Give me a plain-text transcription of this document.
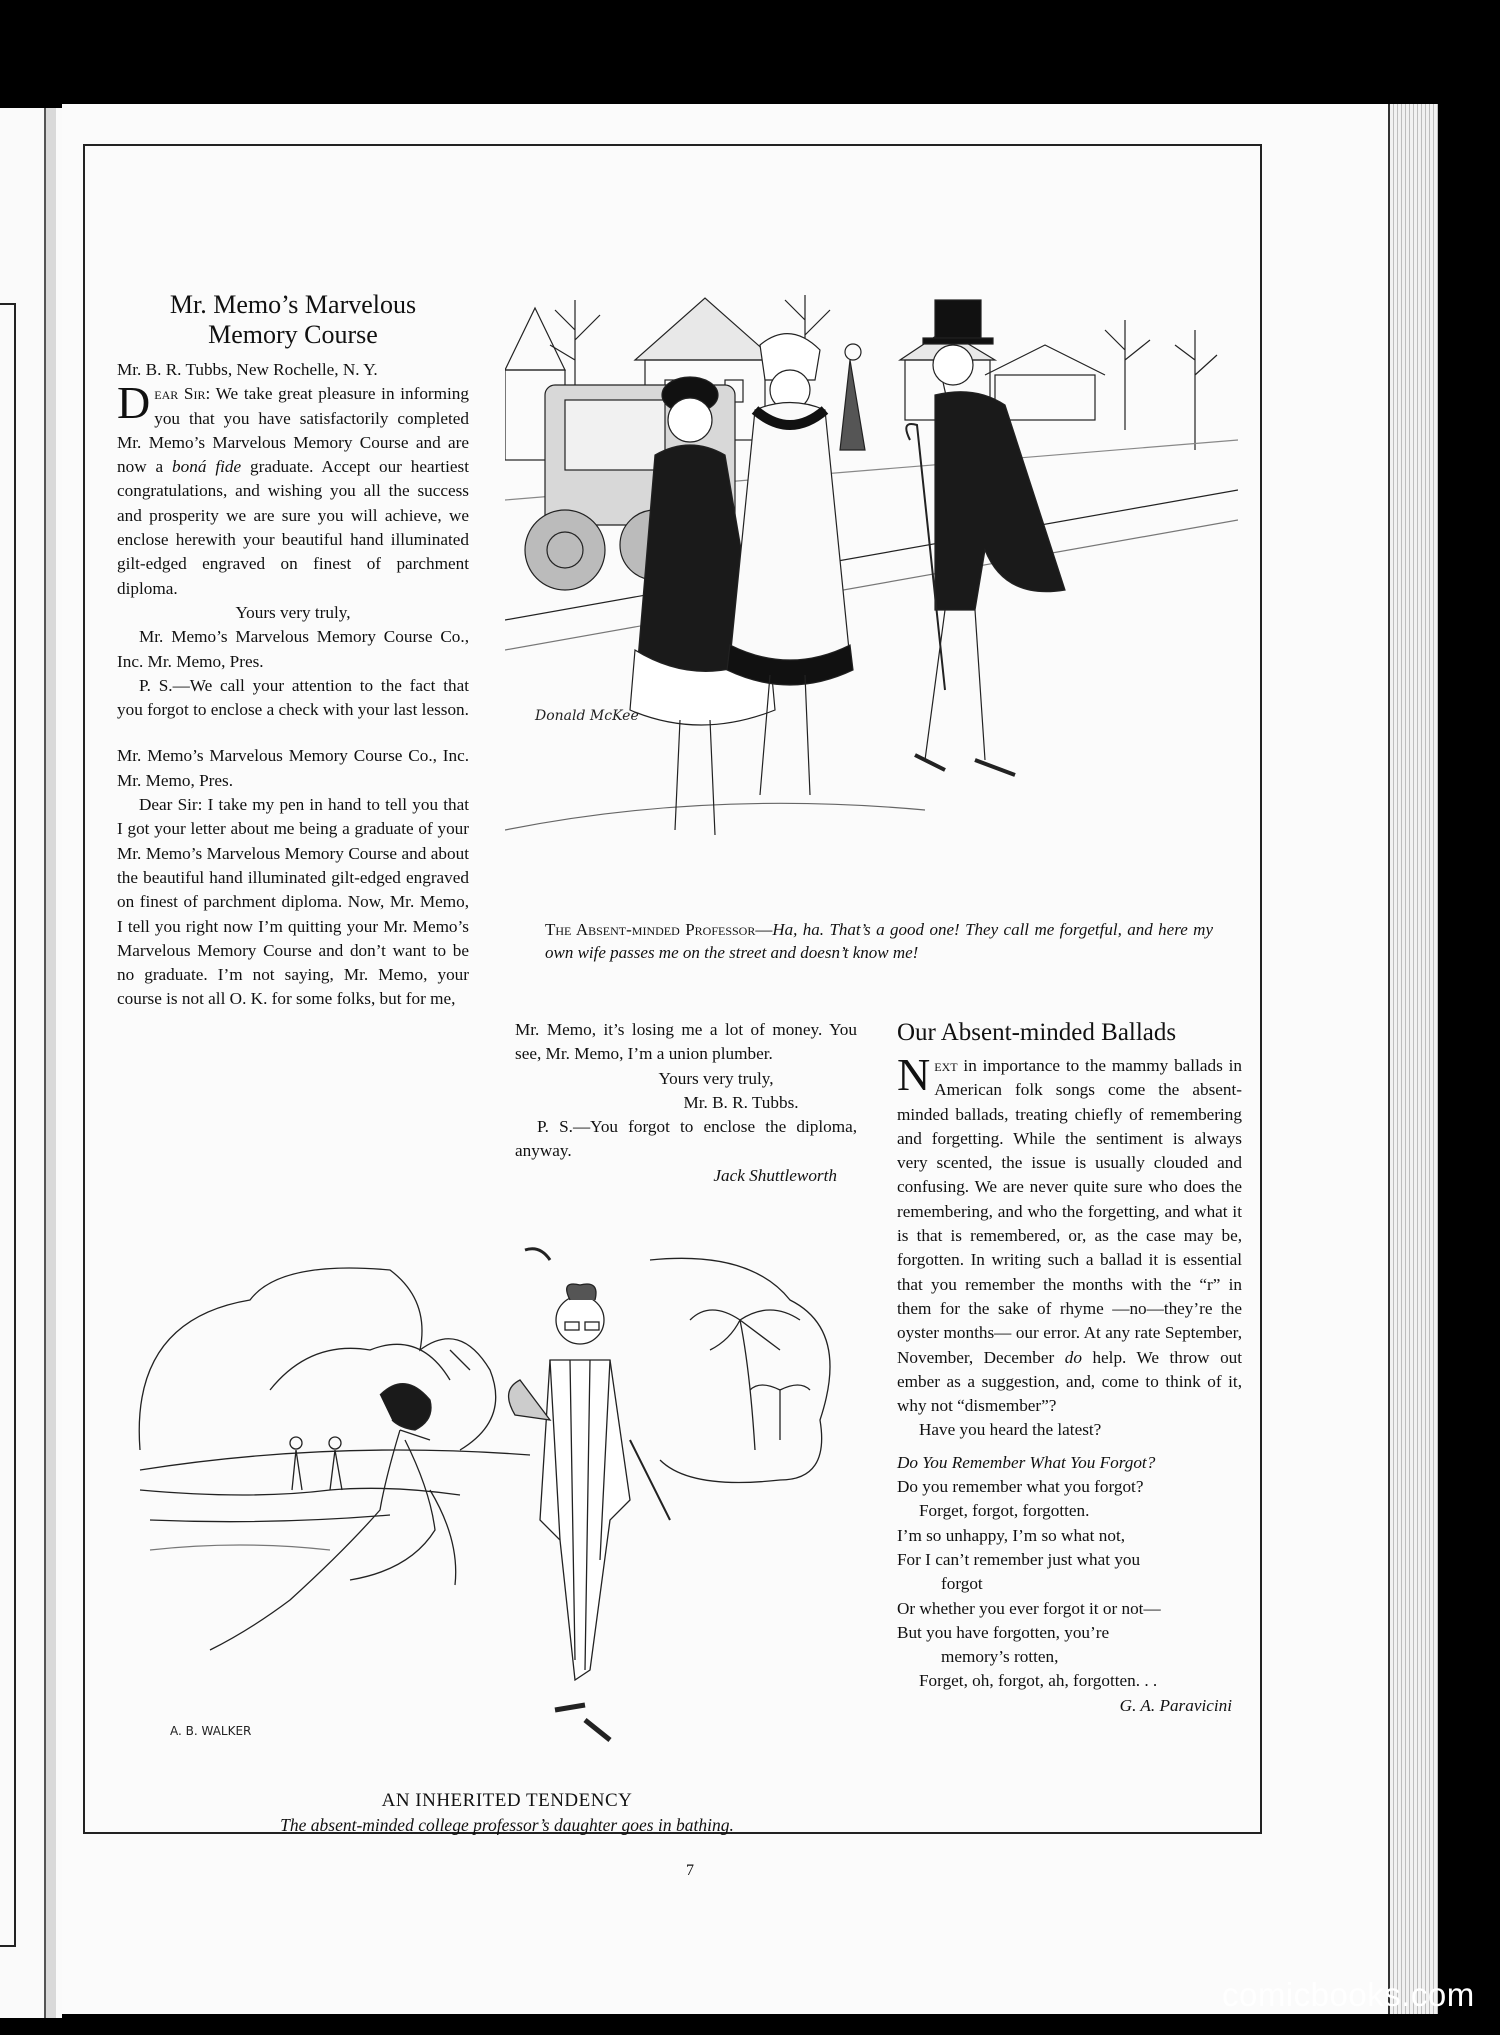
Mr. Memo’s Marvelous
Memory Course

Mr. B. R. Tubbs, New Rochelle, N. Y.

Dear Sir: We take great pleasure in informing you that you have satisfactorily completed Mr. Memo’s Marvelous Memory Course and are now a boná fide graduate. Accept our heartiest congratulations, and wishing you all the success and prosperity we are sure you will achieve, we enclose herewith your beautiful hand illuminated gilt-edged engraved on finest of parchment diploma.

Yours very truly,

Mr. Memo’s Marvelous Memory Course Co., Inc. Mr. Memo, Pres.

P. S.—We call your attention to the fact that you forgot to enclose a check with your last lesson.

Mr. Memo’s Marvelous Memory Course Co., Inc. Mr. Memo, Pres.

Dear Sir: I take my pen in hand to tell you that I got your letter about me being a graduate of your Mr. Memo’s Marvelous Memory Course and about the beautiful hand illuminated gilt-edged engraved on finest of parchment diploma. Now, Mr. Memo, I tell you right now I’m quitting your Mr. Memo’s Marvelous Memory Course and don’t want to be no graduate. I’m not saying, Mr. Memo, your course is not all O. K. for some folks, but for me,

Mr. Memo, it’s losing me a lot of money. You see, Mr. Memo, I’m a union plumber.

Yours very truly,

Mr. B. R. Tubbs.

P. S.—You forgot to enclose the diploma, anyway.

Jack Shuttleworth

Donald McKee
The Absent-minded Professor—Ha, ha. That’s a good one! They call me forgetful, and here my own wife passes me on the street and doesn’t know me!
Our Absent-minded Ballads

Next in importance to the mammy ballads in American folk songs come the absent-minded ballads, treating chiefly of remembering and forgetting. While the sentiment is always very scented, the issue is usually clouded and confusing. We are never quite sure who does the remembering, and who the forgetting, and what it is that is remembered, or, as the case may be, forgotten. In writing such a ballad it is essential that you remember the months with the “r” in them for the sake of rhyme —no—they’re the oyster months— our error. At any rate September, November, December do help. We throw out ember as a suggestion, and, come to think of it, why not “dismember”?

Have you heard the latest?

Do You Remember What You Forgot?

Do you remember what you forgot?

Forget, forgot, forgotten.

I’m so unhappy, I’m so what not,

For I can’t remember just what you

forgot

Or whether you ever forgot it or not—

But you have forgotten, you’re

memory’s rotten,

Forget, oh, forgot, ah, forgotten. . .

G. A. Paravicini

A. B. WALKER
AN INHERITED TENDENCY
The absent-minded college professor’s daughter goes in bathing.
7
comicbooks.com
